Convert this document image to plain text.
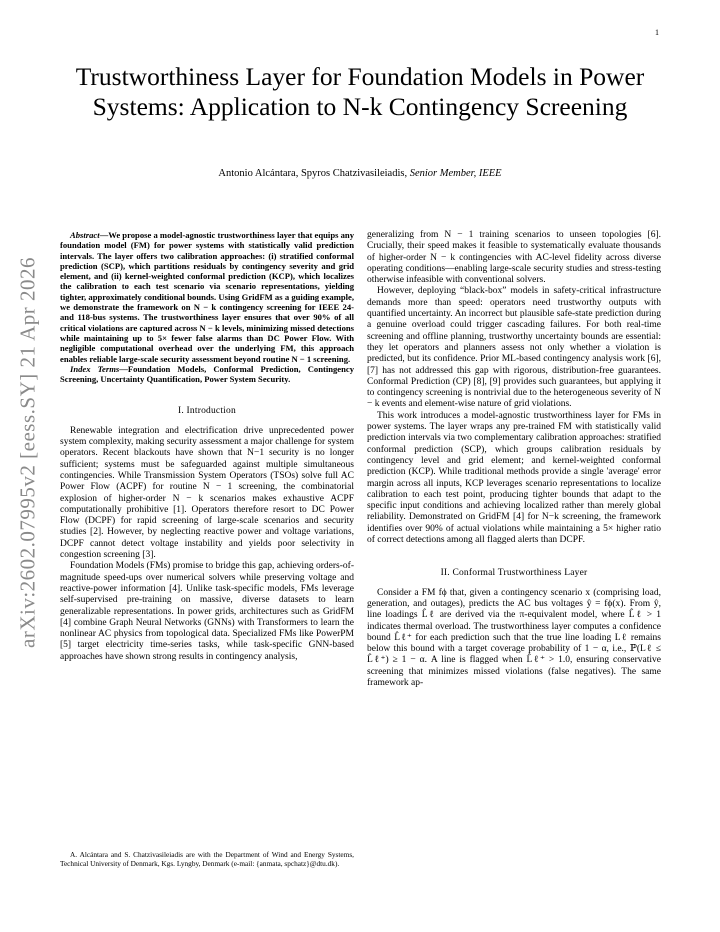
1
arXiv:2602.07995v2 [eess.SY] 21 Apr 2026
Trustworthiness Layer for Foundation Models in Power Systems: Application to N-k Contingency Screening
Antonio Alcántara, Spyros Chatzivasileiadis, Senior Member, IEEE

Abstract—We propose a model-agnostic trustworthiness layer that equips any foundation model (FM) for power systems with statistically valid prediction intervals. The layer offers two calibration approaches: (i) stratified conformal prediction (SCP), which partitions residuals by contingency severity and grid element, and (ii) kernel-weighted conformal prediction (KCP), which localizes the calibration to each test scenario via scenario representations, yielding tighter, approximately conditional bounds. Using GridFM as a guiding example, we demonstrate the framework on N − k contingency screening for IEEE 24- and 118-bus systems. The trustworthiness layer ensures that over 90% of all critical violations are captured across N − k levels, minimizing missed detections while maintaining up to 5× fewer false alarms than DC Power Flow. With negligible computational overhead over the underlying FM, this approach enables reliable large-scale security assessment beyond routine N − 1 screening.

Index Terms—Foundation Models, Conformal Prediction, Contingency Screening, Uncertainty Quantification, Power System Security.

I. Introduction

Renewable integration and electrification drive unprecedented power system complexity, making security assessment a major challenge for system operators. Recent blackouts have shown that N−1 security is no longer sufficient; systems must be safeguarded against multiple simultaneous contingencies. While Transmission System Operators (TSOs) solve full AC Power Flow (ACPF) for routine N − 1 screening, the combinatorial explosion of higher-order N − k scenarios makes exhaustive ACPF computationally prohibitive [1]. Operators therefore resort to DC Power Flow (DCPF) for rapid screening of large-scale scenarios and security studies [2]. However, by neglecting reactive power and voltage variations, DCPF cannot detect voltage instability and yields poor selectivity in congestion screening [3].

Foundation Models (FMs) promise to bridge this gap, achieving orders-of-magnitude speed-ups over numerical solvers while preserving voltage and reactive-power information [4]. Unlike task-specific models, FMs leverage self-supervised pre-training on massive, diverse datasets to learn generalizable representations. In power grids, architectures such as GridFM [4] combine Graph Neural Networks (GNNs) with Transformers to learn the nonlinear AC physics from topological data. Specialized FMs like PowerPM [5] target electricity time-series tasks, while task-specific GNN-based approaches have shown strong results in contingency analysis,

A. Alcántara and S. Chatzivasileiadis are with the Department of Wind and Energy Systems, Technical University of Denmark, Kgs. Lyngby, Denmark (e-mail: {anmata, spchatz}@dtu.dk).

generalizing from N − 1 training scenarios to unseen topologies [6]. Crucially, their speed makes it feasible to systematically evaluate thousands of higher-order N − k contingencies with AC-level fidelity across diverse operating conditions—enabling large-scale security studies and stress-testing otherwise infeasible with conventional solvers.

However, deploying “black-box” models in safety-critical infrastructure demands more than speed: operators need trustworthy outputs with quantified uncertainty. An incorrect but plausible safe-state prediction during a genuine overload could trigger cascading failures. For both real-time screening and offline planning, trustworthy uncertainty bounds are essential: they let operators and planners assess not only whether a violation is predicted, but its confidence. Prior ML-based contingency analysis work [6], [7] has not addressed this gap with rigorous, distribution-free guarantees. Conformal Prediction (CP) [8], [9] provides such guarantees, but applying it to contingency screening is nontrivial due to the heterogeneous severity of N − k events and element-wise nature of grid violations.

This work introduces a model-agnostic trustworthiness layer for FMs in power systems. The layer wraps any pre-trained FM with statistically valid prediction intervals via two complementary calibration approaches: stratified conformal prediction (SCP), which groups calibration residuals by contingency level and grid element; and kernel-weighted conformal prediction (KCP). While traditional methods provide a single 'average' error margin across all inputs, KCP leverages scenario representations to localize calibration to each test point, producing tighter bounds that adapt to the specific input conditions and achieving localized rather than merely global reliability. Demonstrated on GridFM [4] for N−k screening, the framework identifies over 90% of actual violations while maintaining a 5× higher ratio of correct detections among all flagged alerts than DCPF.

II. Conformal Trustworthiness Layer

Consider a FM fϕ that, given a contingency scenario x (comprising load, generation, and outages), predicts the AC bus voltages ŷ = fϕ(x). From ŷ, line loadings L̂ℓ are derived via the π-equivalent model, where L̂ℓ > 1 indicates thermal overload. The trustworthiness layer computes a confidence bound L̂ℓ⁺ for each prediction such that the true line loading Lℓ remains below this bound with a target coverage probability of 1 − α, i.e., ℙ(Lℓ ≤ L̂ℓ⁺) ≥ 1 − α. A line is flagged when L̂ℓ⁺ > 1.0, ensuring conservative screening that minimizes missed violations (false negatives). The same framework ap-
